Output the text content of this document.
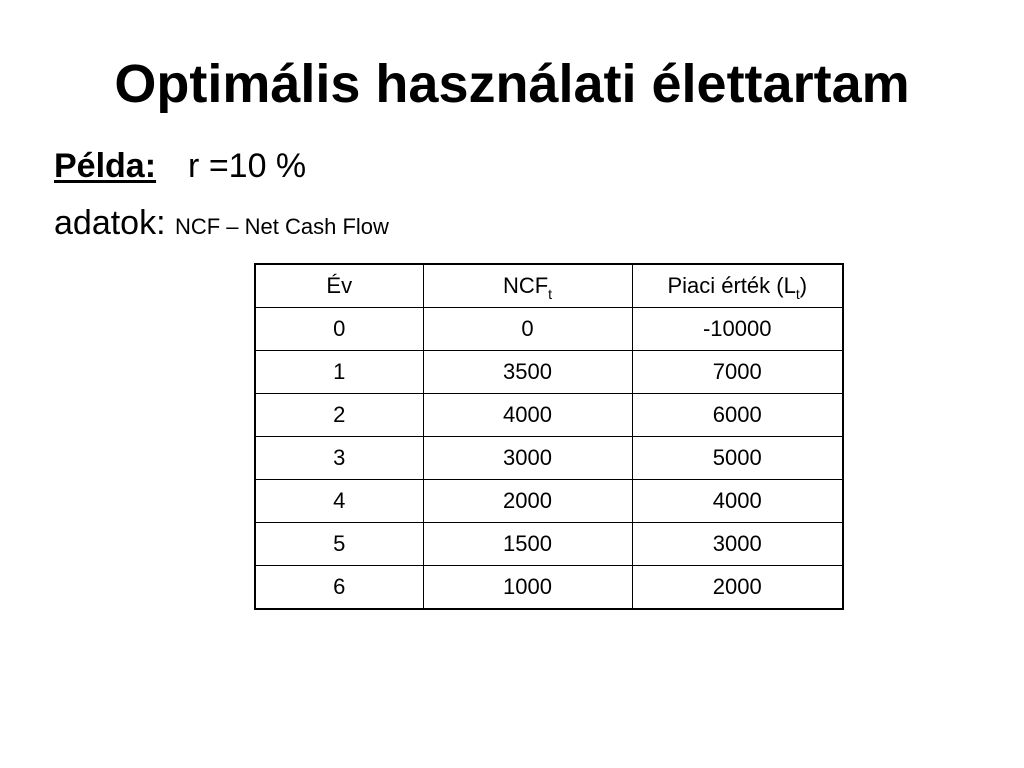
Optimális használati élettartam
Példa: r =10 %
adatok: NCF – Net Cash Flow
Év	$NCF_t$	Piaci érték $(L_t)$
0	0	-10000
1	3500	7000
2	4000	6000
3	3000	5000
4	2000	4000
5	1500	3000
6	1000	2000
